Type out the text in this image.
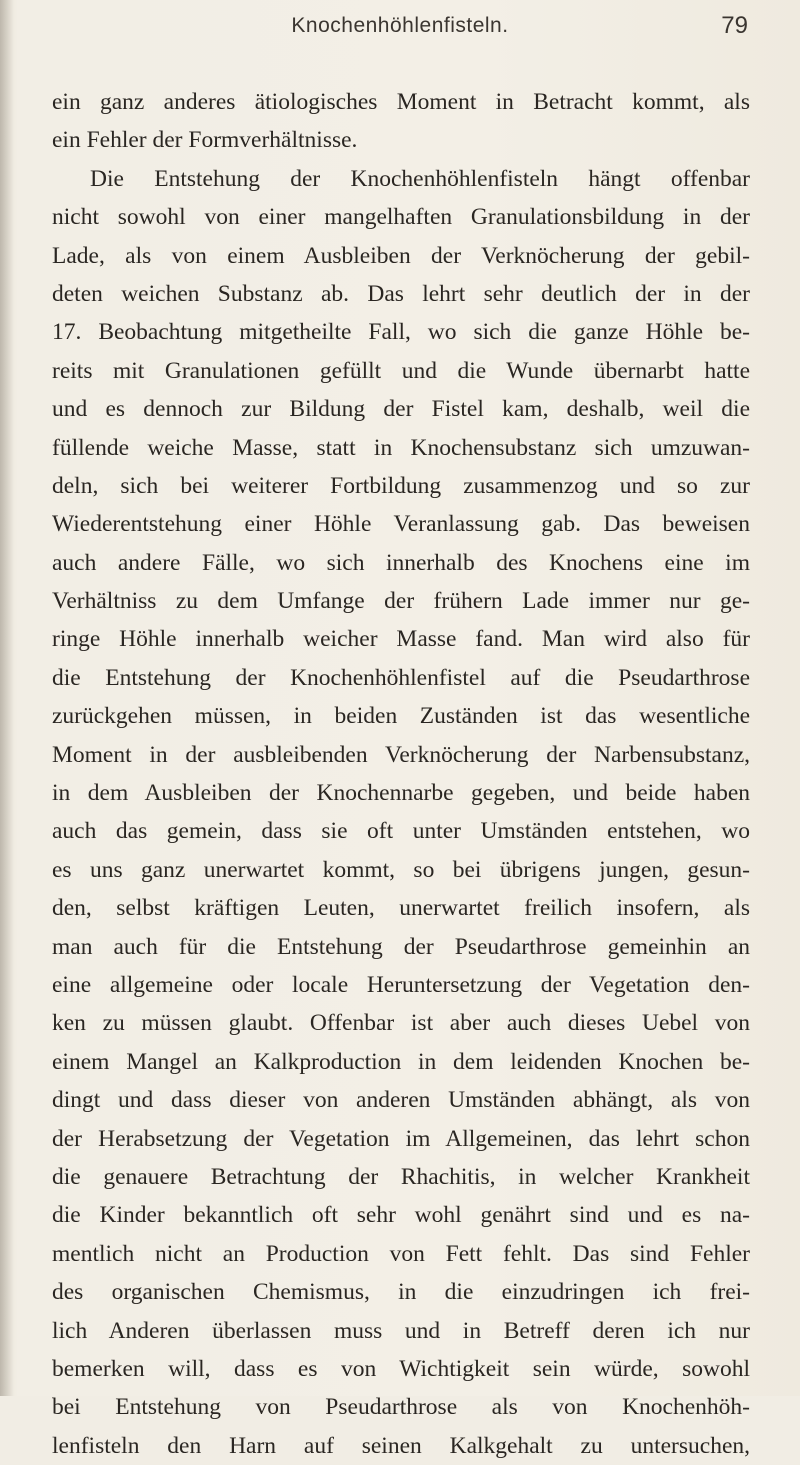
Knochenhöhlenfisteln.	79
ein ganz anderes ätiologisches Moment in Betracht kommt, als
ein Fehler der Formverhältnisse.
Die Entstehung der Knochenhöhlenfisteln hängt offenbar
nicht sowohl von einer mangelhaften Granulationsbildung in der
Lade, als von einem Ausbleiben der Verknöcherung der gebil-
deten weichen Substanz ab. Das lehrt sehr deutlich der in der
17. Beobachtung mitgetheilte Fall, wo sich die ganze Höhle be-
reits mit Granulationen gefüllt und die Wunde übernarbt hatte
und es dennoch zur Bildung der Fistel kam, deshalb, weil die
füllende weiche Masse, statt in Knochensubstanz sich umzuwan-
deln, sich bei weiterer Fortbildung zusammenzog und so zur
Wiederentstehung einer Höhle Veranlassung gab. Das beweisen
auch andere Fälle, wo sich innerhalb des Knochens eine im
Verhältniss zu dem Umfange der frühern Lade immer nur ge-
ringe Höhle innerhalb weicher Masse fand. Man wird also für
die Entstehung der Knochenhöhlenfistel auf die Pseudarthrose
zurückgehen müssen, in beiden Zuständen ist das wesentliche
Moment in der ausbleibenden Verknöcherung der Narbensubstanz,
in dem Ausbleiben der Knochennarbe gegeben, und beide haben
auch das gemein, dass sie oft unter Umständen entstehen, wo
es uns ganz unerwartet kommt, so bei übrigens jungen, gesun-
den, selbst kräftigen Leuten, unerwartet freilich insofern, als
man auch für die Entstehung der Pseudarthrose gemeinhin an
eine allgemeine oder locale Heruntersetzung der Vegetation den-
ken zu müssen glaubt. Offenbar ist aber auch dieses Uebel von
einem Mangel an Kalkproduction in dem leidenden Knochen be-
dingt und dass dieser von anderen Umständen abhängt, als von
der Herabsetzung der Vegetation im Allgemeinen, das lehrt schon
die genauere Betrachtung der Rhachitis, in welcher Krankheit
die Kinder bekanntlich oft sehr wohl genährt sind und es na-
mentlich nicht an Production von Fett fehlt. Das sind Fehler
des organischen Chemismus, in die einzudringen ich frei-
lich Anderen überlassen muss und in Betreff deren ich nur
bemerken will, dass es von Wichtigkeit sein würde, sowohl
bei Entstehung von Pseudarthrose als von Knochenhöh-
lenfisteln den Harn auf seinen Kalkgehalt zu untersuchen,
